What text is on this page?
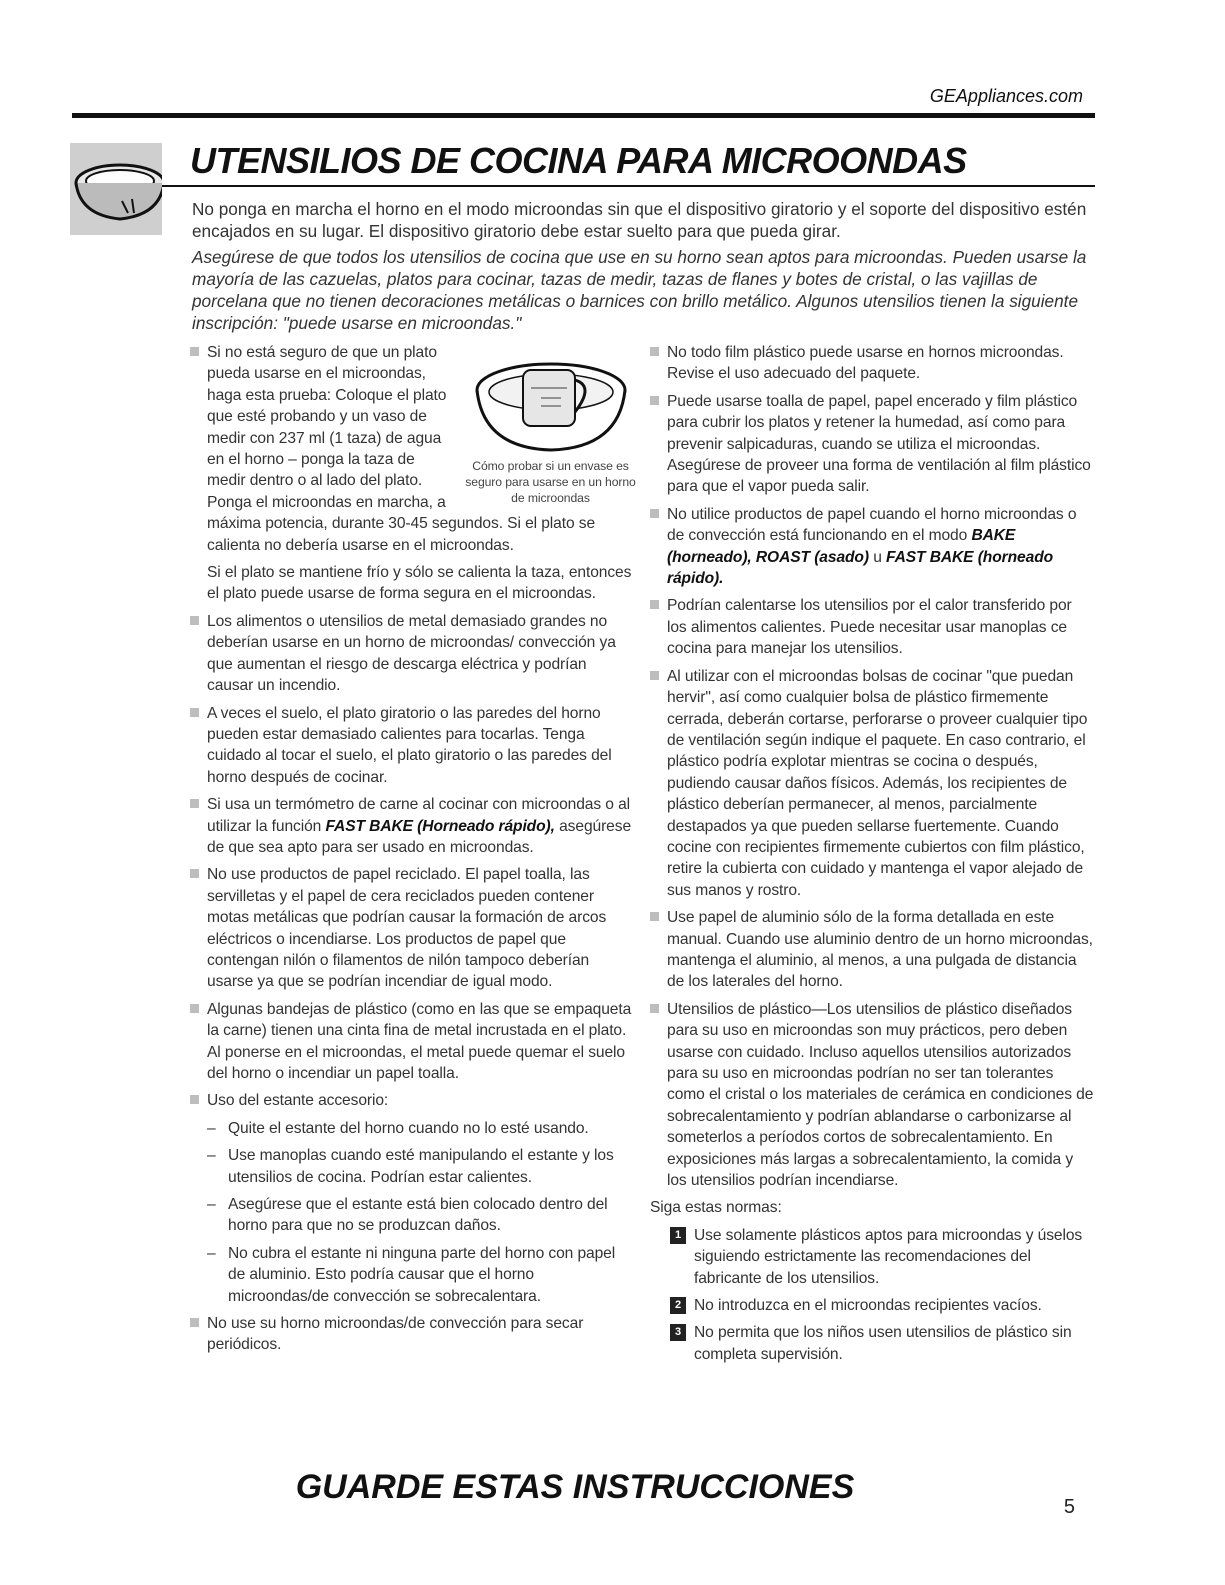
GEAppliances.com
UTENSILIOS DE COCINA PARA MICROONDAS

No ponga en marcha el horno en el modo microondas sin que el dispositivo giratorio y el soporte del dispositivo estén encajados en su lugar. El dispositivo giratorio debe estar suelto para que pueda girar.

Asegúrese de que todos los utensilios de cocina que use en su horno sean aptos para microondas. Pueden usarse la mayoría de las cazuelas, platos para cocinar, tazas de medir, tazas de flanes y botes de cristal, o las vajillas de porcelana que no tienen decoraciones metálicas o barnices con brillo metálico. Algunos utensilios tienen la siguiente inscripción: "puede usarse en microondas."

Cómo probar si un envase es seguro para usarse en un horno de microondas
Si no está seguro de que un plato pueda usarse en el microondas, haga esta prueba: Coloque el plato que esté probando y un vaso de medir con 237 ml (1 taza) de agua en el horno – ponga la taza de medir dentro o al lado del plato. Ponga el microondas en marcha, a máxima potencia, durante 30-45 segundos. Si el plato se calienta no debería usarse en el microondas.

Si el plato se mantiene frío y sólo se calienta la taza, entonces el plato puede usarse de forma segura en el microondas.

Los alimentos o utensilios de metal demasiado grandes no deberían usarse en un horno de microondas/ convección ya que aumentan el riesgo de descarga eléctrica y podrían causar un incendio.
A veces el suelo, el plato giratorio o las paredes del horno pueden estar demasiado calientes para tocarlas. Tenga cuidado al tocar el suelo, el plato giratorio o las paredes del horno después de cocinar.
Si usa un termómetro de carne al cocinar con microondas o al utilizar la función FAST BAKE (Horneado rápido), asegúrese de que sea apto para ser usado en microondas.
No use productos de papel reciclado. El papel toalla, las servilletas y el papel de cera reciclados pueden contener motas metálicas que podrían causar la formación de arcos eléctricos o incendiarse. Los productos de papel que contengan nilón o filamentos de nilón tampoco deberían usarse ya que se podrían incendiar de igual modo.
Algunas bandejas de plástico (como en las que se empaqueta la carne) tienen una cinta fina de metal incrustada en el plato. Al ponerse en el microondas, el metal puede quemar el suelo del horno o incendiar un papel toalla.
Uso del estante accesorio:
– Quite el estante del horno cuando no lo esté usando.
– Use manoplas cuando esté manipulando el estante y los utensilios de cocina. Podrían estar calientes.
– Asegúrese que el estante está bien colocado dentro del horno para que no se produzcan daños.
– No cubra el estante ni ninguna parte del horno con papel de aluminio. Esto podría causar que el horno microondas/de convección se sobrecalentara.
No use su horno microondas/de convección para secar periódicos.
No todo film plástico puede usarse en hornos microondas. Revise el uso adecuado del paquete.
Puede usarse toalla de papel, papel encerado y film plástico para cubrir los platos y retener la humedad, así como para prevenir salpicaduras, cuando se utiliza el microondas. Asegúrese de proveer una forma de ventilación al film plástico para que el vapor pueda salir.
No utilice productos de papel cuando el horno microondas o de convección está funcionando en el modo BAKE (horneado), ROAST (asado) u FAST BAKE (horneado rápido).
Podrían calentarse los utensilios por el calor transferido por los alimentos calientes. Puede necesitar usar manoplas ce cocina para manejar los utensilios.
Al utilizar con el microondas bolsas de cocinar "que puedan hervir", así como cualquier bolsa de plástico firmemente cerrada, deberán cortarse, perforarse o proveer cualquier tipo de ventilación según indique el paquete. En caso contrario, el plástico podría explotar mientras se cocina o después, pudiendo causar daños físicos. Además, los recipientes de plástico deberían permanecer, al menos, parcialmente destapados ya que pueden sellarse fuertemente. Cuando cocine con recipientes firmemente cubiertos con film plástico, retire la cubierta con cuidado y mantenga el vapor alejado de sus manos y rostro.
Use papel de aluminio sólo de la forma detallada en este manual. Cuando use aluminio dentro de un horno microondas, mantenga el aluminio, al menos, a una pulgada de distancia de los laterales del horno.
Utensilios de plástico—Los utensilios de plástico diseñados para su uso en microondas son muy prácticos, pero deben usarse con cuidado. Incluso aquellos utensilios autorizados para su uso en microondas podrían no ser tan tolerantes como el cristal o los materiales de cerámica en condiciones de sobrecalentamiento y podrían ablandarse o carbonizarse al someterlos a períodos cortos de sobrecalentamiento. En exposiciones más largas a sobrecalentamiento, la comida y los utensilios podrían incendiarse.

Siga estas normas:

1 Use solamente plásticos aptos para microondas y úselos siguiendo estrictamente las recomendaciones del fabricante de los utensilios.
2 No introduzca en el microondas recipientes vacíos.
3 No permita que los niños usen utensilios de plástico sin completa supervisión.
GUARDE ESTAS INSTRUCCIONES
5
